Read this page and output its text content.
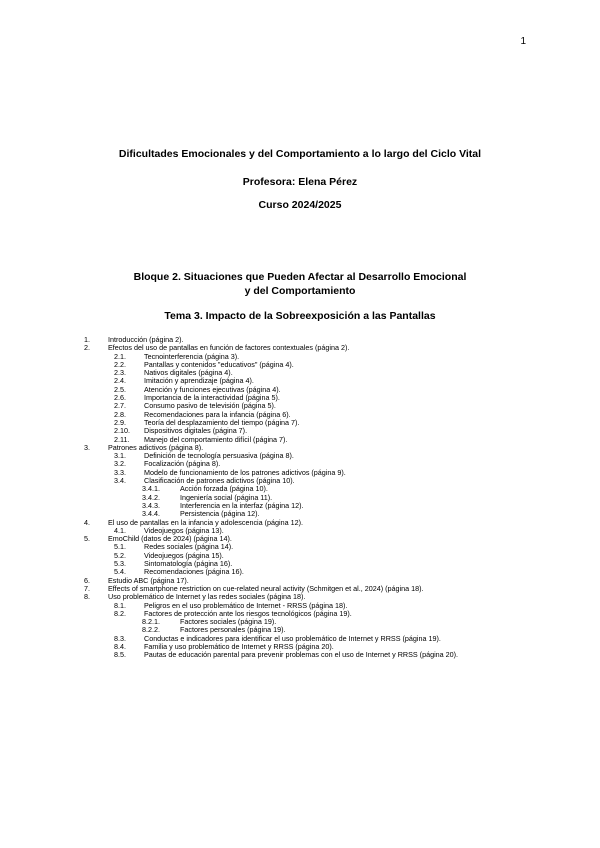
1
Dificultades Emocionales y del Comportamiento a lo largo del Ciclo Vital
Profesora: Elena Pérez
Curso 2024/2025
Bloque 2. Situaciones que Pueden Afectar al Desarrollo Emocional
y del Comportamiento
Tema 3. Impacto de la Sobreexposición a las Pantallas
1.	Introducción (página 2).
2.	Efectos del uso de pantallas en función de factores contextuales (página 2).
2.1.	Tecnointerferencia (página 3).
2.2.	Pantallas y contenidos "educativos" (página 4).
2.3.	Nativos digitales (página 4).
2.4.	Imitación y aprendizaje (página 4).
2.5.	Atención y funciones ejecutivas (página 4).
2.6.	Importancia de la interactividad (página 5).
2.7.	Consumo pasivo de televisión (página 5).
2.8.	Recomendaciones para la infancia (página 6).
2.9.	Teoría del desplazamiento del tiempo (página 7).
2.10. Dispositivos digitales (página 7).
2.11. Manejo del comportamiento difícil (página 7).
3.	Patrones adictivos (página 8).
3.1.	Definición de tecnología persuasiva (página 8).
3.2.	Focalización (página 8).
3.3.	Modelo de funcionamiento de los patrones adictivos (página 9).
3.4.	Clasificación de patrones adictivos (página 10).
3.4.1.	Acción forzada (página 10).
3.4.2.	Ingeniería social (página 11).
3.4.3.	Interferencia en la interfaz (página 12).
3.4.4.	Persistencia (página 12).
4.	El uso de pantallas en la infancia y adolescencia (página 12).
4.1.	Videojuegos (página 13).
5.	EmoChild (datos de 2024) (página 14).
5.1.	Redes sociales (página 14).
5.2.	Videojuegos (página 15).
5.3.	Sintomatología (página 16).
5.4.	Recomendaciones (página 16).
6.	Estudio ABC (página 17).
7.	Effects of smartphone restriction on cue-related neural activity (Schmitgen et al., 2024) (página 18).
8.	Uso problemático de Internet y las redes sociales (página 18).
8.1.	Peligros en el uso problemático de Internet - RRSS (página 18).
8.2.	Factores de protección ante los riesgos tecnológicos (página 19).
8.2.1.	Factores sociales (página 19).
8.2.2.	Factores personales (página 19).
8.3.	Conductas e indicadores para identificar el uso problemático de Internet y RRSS (página 19).
8.4.	Familia y uso problemático de Internet y RRSS (página 20).
8.5.	Pautas de educación parental para prevenir problemas con el uso de Internet y RRSS (página 20).
